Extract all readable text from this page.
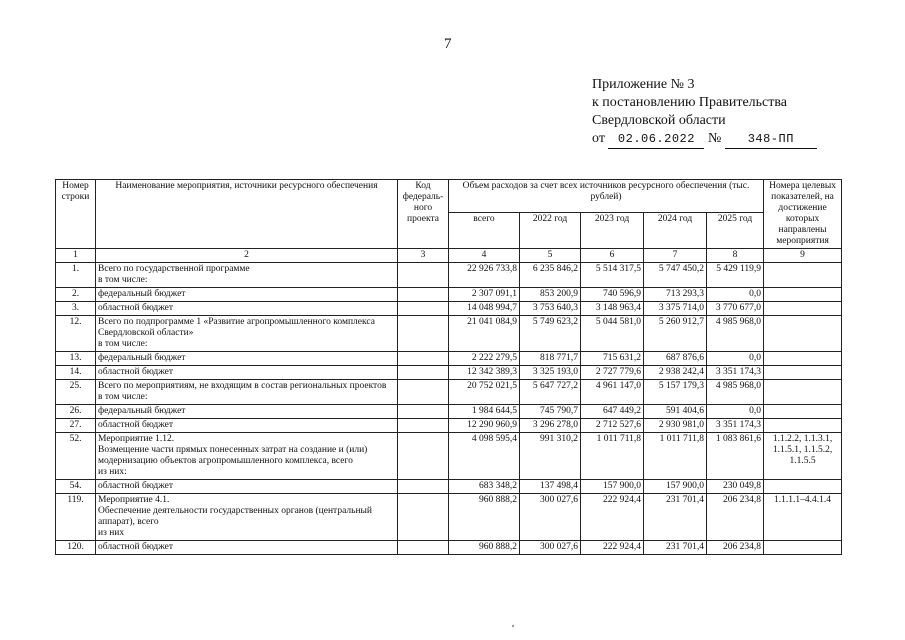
7
Приложение № 3
к постановлению Правительства
Свердловской области
от 02.06.2022 № 348-ПП
Номер строки	Наименование мероприятия, источники ресурсного обеспечения	Код федераль-ного проекта	Объем расходов за счет всех источников ресурсного обеспечения (тыс. рублей)					Номера целевых показателей, на достижение которых направлены мероприятия
			всего	2022 год	2023 год	2024 год	2025 год	
1	2	3	4	5	6	7	8	9
1.	Всего по государственной программе
в том числе:		22 926 733,8	6 235 846,2	5 514 317,5	5 747 450,2	5 429 119,9	
2.	федеральный бюджет		2 307 091,1	853 200,9	740 596,9	713 293,3	0,0	
3.	областной бюджет		14 048 994,7	3 753 640,3	3 148 963,4	3 375 714,0	3 770 677,0	
12.	Всего по подпрограмме 1 «Развитие агропромышленного комплекса Свердловской области»
в том числе:		21 041 084,9	5 749 623,2	5 044 581,0	5 260 912,7	4 985 968,0	
13.	федеральный бюджет		2 222 279,5	818 771,7	715 631,2	687 876,6	0,0	
14.	областной бюджет		12 342 389,3	3 325 193,0	2 727 779,6	2 938 242,4	3 351 174,3	
25.	Всего по мероприятиям, не входящим в состав региональных проектов
в том числе:		20 752 021,5	5 647 727,2	4 961 147,0	5 157 179,3	4 985 968,0	
26.	федеральный бюджет		1 984 644,5	745 790,7	647 449,2	591 404,6	0,0	
27.	областной бюджет		12 290 960,9	3 296 278,0	2 712 527,6	2 930 981,0	3 351 174,3	
52.	Мероприятие 1.12.
Возмещение части прямых понесенных затрат на создание и (или) модернизацию объектов агропромышленного комплекса, всего
из них:		4 098 595,4	991 310,2	1 011 711,8	1 011 711,8	1 083 861,6	1.1.2.2, 1.1.3.1, 1.1.5.1, 1.1.5.2, 1.1.5.5
54.	областной бюджет		683 348,2	137 498,4	157 900,0	157 900,0	230 049,8	
119.	Мероприятие 4.1.
Обеспечение деятельности государственных органов (центральный аппарат), всего
из них		960 888,2	300 027,6	222 924,4	231 701,4	206 234,8	1.1.1.1–4.4.1.4
120.	областной бюджет		960 888,2	300 027,6	222 924,4	231 701,4	206 234,8	
